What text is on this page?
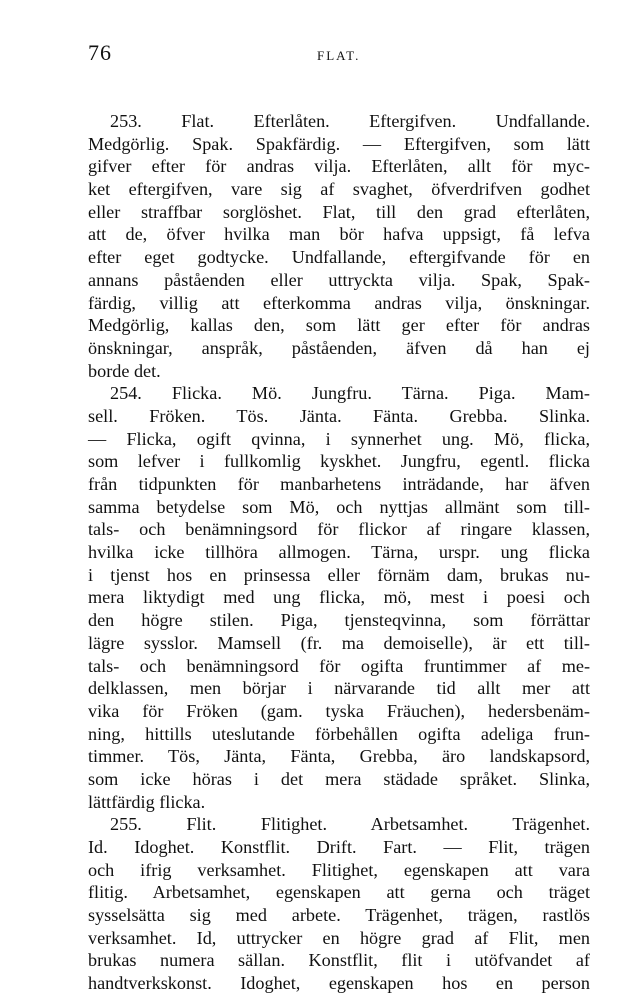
76	FLAT.
253. Flat. Efterlåten. Eftergifven. Undfallande.
Medgörlig. Spak. Spakfärdig. — Eftergifven, som lätt
gifver efter för andras vilja. Efterlåten, allt för myc-
ket eftergifven, vare sig af svaghet, öfverdrifven godhet
eller straffbar sorglöshet. Flat, till den grad efterlåten,
att de, öfver hvilka man bör hafva uppsigt, få lefva
efter eget godtycke. Undfallande, eftergifvande för en
annans påståenden eller uttryckta vilja. Spak, Spak-
färdig, villig att efterkomma andras vilja, önskningar.
Medgörlig, kallas den, som lätt ger efter för andras
önskningar, anspråk, påståenden, äfven då han ej
borde det.
254. Flicka. Mö. Jungfru. Tärna. Piga. Mam-
sell. Fröken. Tös. Jänta. Fänta. Grebba. Slinka.
— Flicka, ogift qvinna, i synnerhet ung. Mö, flicka,
som lefver i fullkomlig kyskhet. Jungfru, egentl. flicka
från tidpunkten för manbarhetens inträdande, har äfven
samma betydelse som Mö, och nyttjas allmänt som till-
tals- och benämningsord för flickor af ringare klassen,
hvilka icke tillhöra allmogen. Tärna, urspr. ung flicka
i tjenst hos en prinsessa eller förnäm dam, brukas nu-
mera liktydigt med ung flicka, mö, mest i poesi och
den högre stilen. Piga, tjensteqvinna, som förrättar
lägre sysslor. Mamsell (fr. ma demoiselle), är ett till-
tals- och benämningsord för ogifta fruntimmer af me-
delklassen, men börjar i närvarande tid allt mer att
vika för Fröken (gam. tyska Fräuchen), hedersbenäm-
ning, hittills uteslutande förbehållen ogifta adeliga frun-
timmer. Tös, Jänta, Fänta, Grebba, äro landskapsord,
som icke höras i det mera städade språket. Slinka,
lättfärdig flicka.
255. Flit. Flitighet. Arbetsamhet. Trägenhet.
Id. Idoghet. Konstflit. Drift. Fart. — Flit, trägen
och ifrig verksamhet. Flitighet, egenskapen att vara
flitig. Arbetsamhet, egenskapen att gerna och träget
sysselsätta sig med arbete. Trägenhet, trägen, rastlös
verksamhet. Id, uttrycker en högre grad af Flit, men
brukas numera sällan. Konstflit, flit i utöfvandet af
handtverkskonst. Idoghet, egenskapen hos en person
